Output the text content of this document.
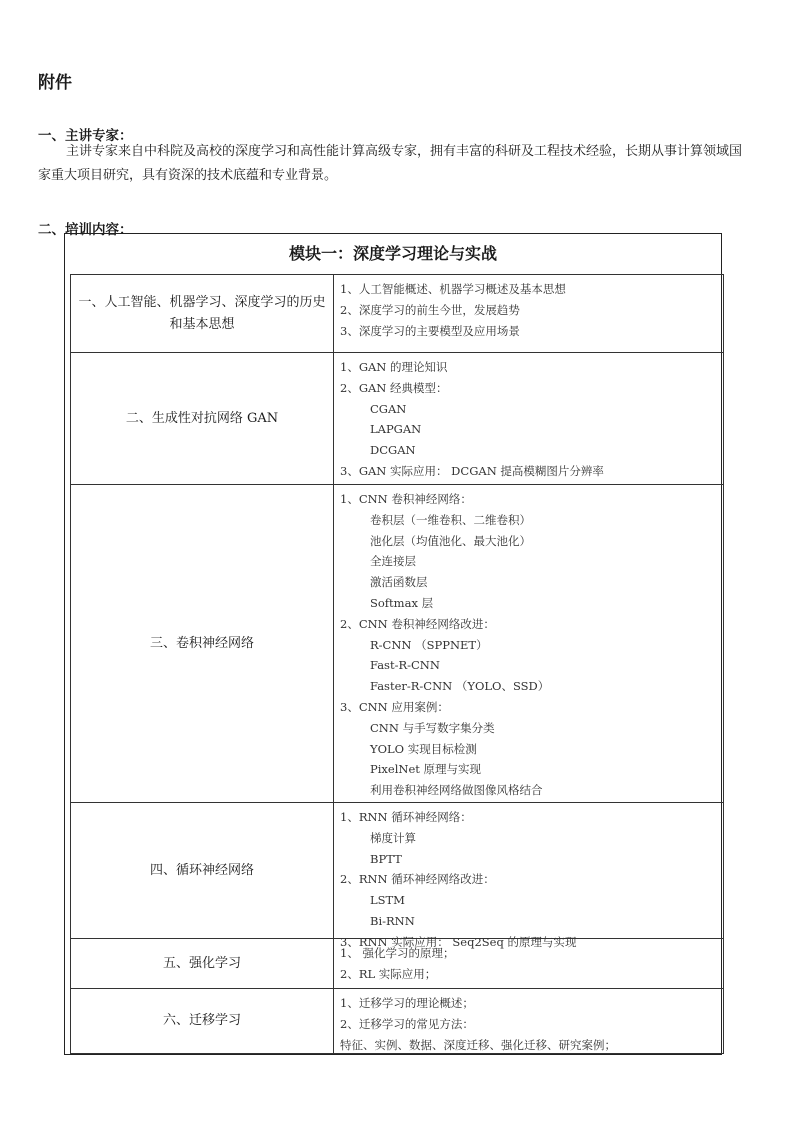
附件
一、主讲专家：

主讲专家来自中科院及高校的深度学习和高性能计算高级专家，拥有丰富的科研及工程技术经验，长期从事计算领域国家重大项目研究，具有资深的技术底蕴和专业背景。

二、培训内容：
模块一：深度学习理论与实战
一、人工智能、机器学习、深度学习的历史和基本思想
1、人工智能概述、机器学习概述及基本思想
2、深度学习的前生今世，发展趋势
3、深度学习的主要模型及应用场景
二、生成性对抗网络 GAN
1、GAN 的理论知识
2、GAN 经典模型：
CGAN
LAPGAN
DCGAN
3、GAN 实际应用： DCGAN 提高模糊图片分辨率
三、卷积神经网络
1、CNN 卷积神经网络：
卷积层（一维卷积、二维卷积）
池化层（均值池化、最大池化）
全连接层
激活函数层
Softmax 层
2、CNN 卷积神经网络改进：
R-CNN （SPPNET）
Fast-R-CNN
Faster-R-CNN （YOLO、SSD）
3、CNN 应用案例：
CNN 与手写数字集分类
YOLO 实现目标检测
PixelNet 原理与实现
利用卷积神经网络做图像风格结合
四、循环神经网络
1、RNN 循环神经网络：
梯度计算
BPTT
2、RNN 循环神经网络改进：
LSTM
Bi-RNN
3、RNN 实际应用： Seq2Seq 的原理与实现
五、强化学习
1、 强化学习的原理；
2、RL 实际应用；
六、迁移学习
1、迁移学习的理论概述；
2、迁移学习的常见方法：
特征、实例、数据、深度迁移、强化迁移、研究案例；
